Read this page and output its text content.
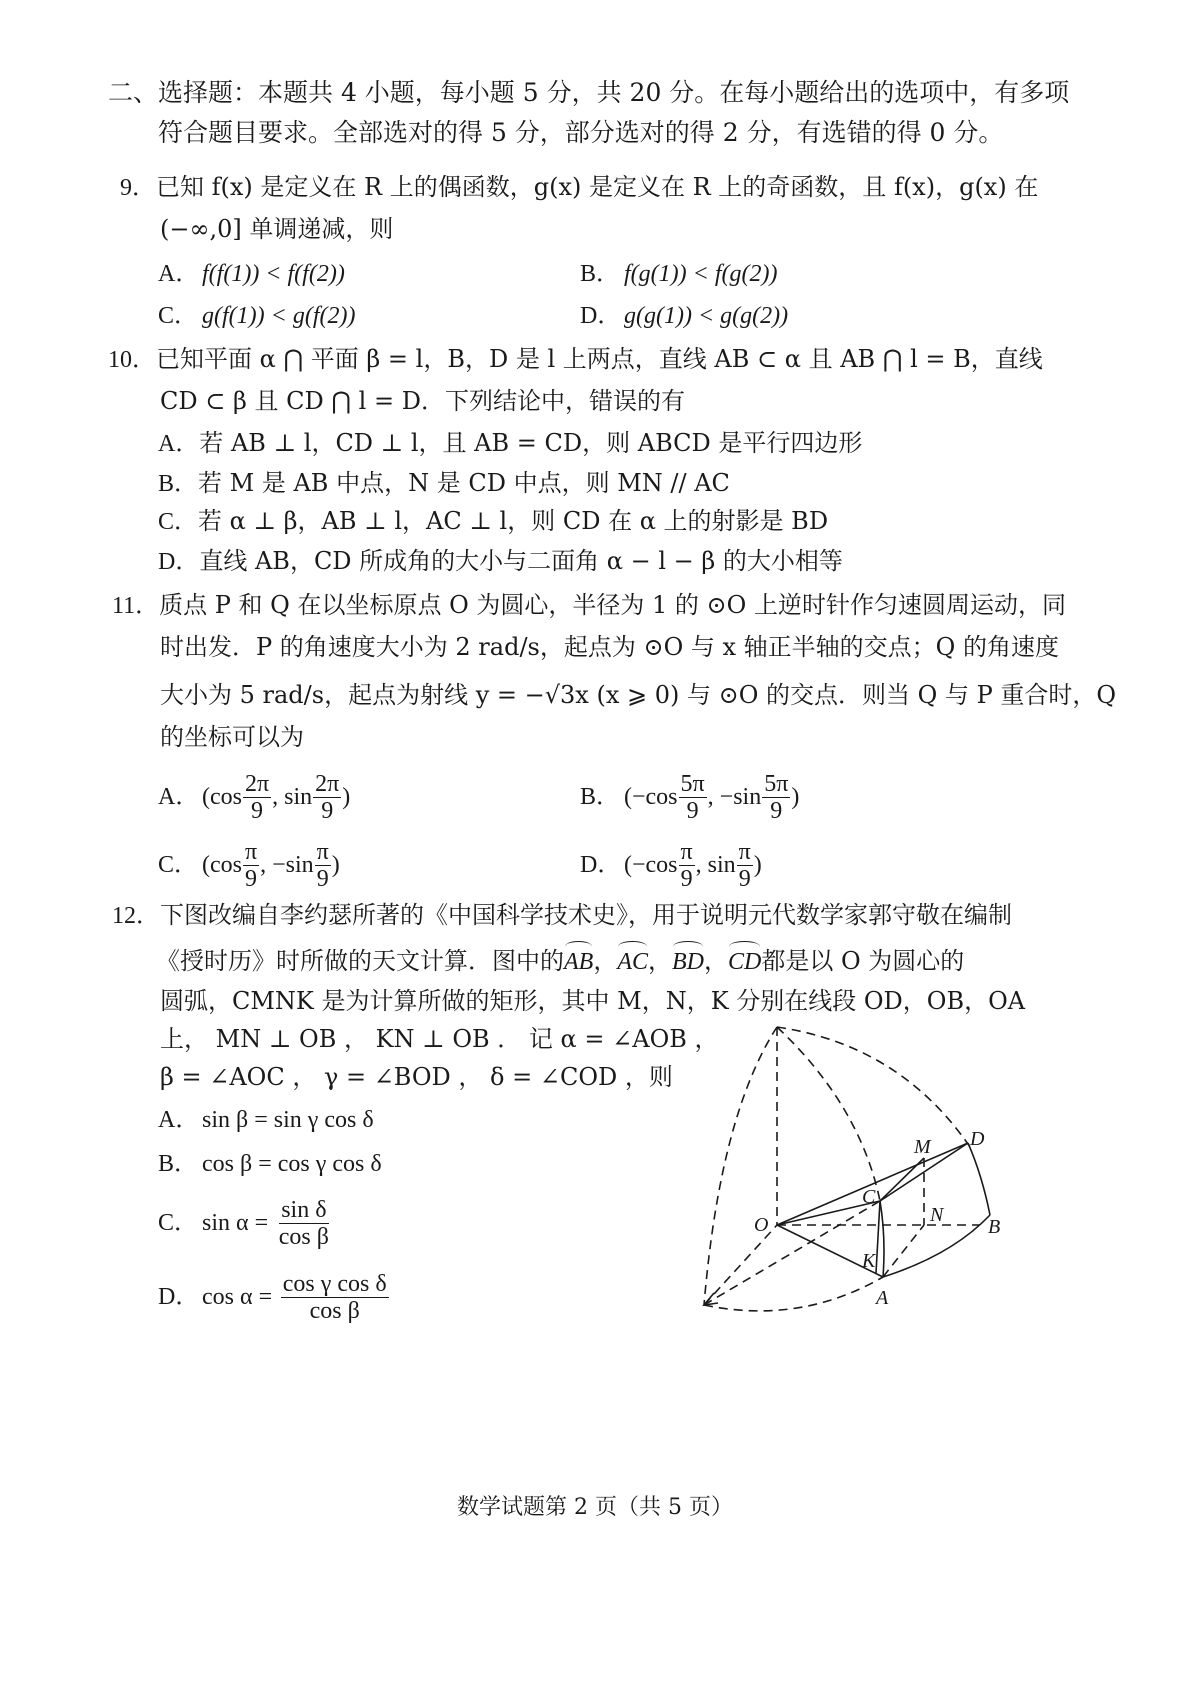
二、选择题：本题共 4 小题，每小题 5 分，共 20 分。在每小题给出的选项中，有多项
符合题目要求。全部选对的得 5 分，部分选对的得 2 分，有选错的得 0 分。
9．已知 f(x) 是定义在 R 上的偶函数，g(x) 是定义在 R 上的奇函数，且 f(x)，g(x) 在
(−∞,0] 单调递减，则
A． f(f(1)) < f(f(2))	B． f(g(1)) < f(g(2))
C． g(f(1)) < g(f(2))	D． g(g(1)) < g(g(2))
10．已知平面 α ⋂ 平面 β = l，B，D 是 l 上两点，直线 AB ⊂ α 且 AB ⋂ l = B，直线
CD ⊂ β 且 CD ⋂ l = D．下列结论中，错误的有
A．若 AB ⊥ l，CD ⊥ l，且 AB = CD，则 ABCD 是平行四边形
B．若 M 是 AB 中点，N 是 CD 中点，则 MN // AC
C．若 α ⊥ β，AB ⊥ l，AC ⊥ l，则 CD 在 α 上的射影是 BD
D．直线 AB，CD 所成角的大小与二面角 α − l − β 的大小相等
11．质点 P 和 Q 在以坐标原点 O 为圆心，半径为 1 的 ⊙O 上逆时针作匀速圆周运动，同
时出发．P 的角速度大小为 2 rad/s，起点为 ⊙O 与 x 轴正半轴的交点；Q 的角速度
大小为 5 rad/s，起点为射线 y = −√3x (x ⩾ 0) 与 ⊙O 的交点．则当 Q 与 P 重合时，Q
的坐标可以为
A． ($\cos \frac{2\pi}{9}$ , $\sin \frac{2\pi}{9}$ )	B． ($-\cos \frac{5\pi}{9}$ , $-\sin \frac{5\pi}{9}$ )
C． ($\cos \frac{\pi}{9}$ , $-\sin \frac{\pi}{9}$ )	D． ($-\cos \frac{\pi}{9}$ , $\sin \frac{\pi}{9}$ )
12．下图改编自李约瑟所著的《中国科学技术史》，用于说明元代数学家郭守敬在编制
《授时历》时所做的天文计算．图中的AB，AC，BD，CD都是以 O 为圆心的
圆弧，CMNK 是为计算所做的矩形，其中 M，N，K 分别在线段 OD，OB，OA
上， MN ⊥ OB ， KN ⊥ OB ． 记 α = ∠AOB ，
β = ∠AOC ， γ = ∠BOD ， δ = ∠COD ，则
A． sin β = sin γ cos δ
B． cos β = cos γ cos δ
C． $\sin \alpha = \frac{\text{sin δ}}{\text{cos β}}$
D． $\cos \alpha = \frac{\text{cos γ cos δ}}{\text{cos β}}$
O
A
B
C
D
M
N
K
数学试题第 2 页（共 5 页）
